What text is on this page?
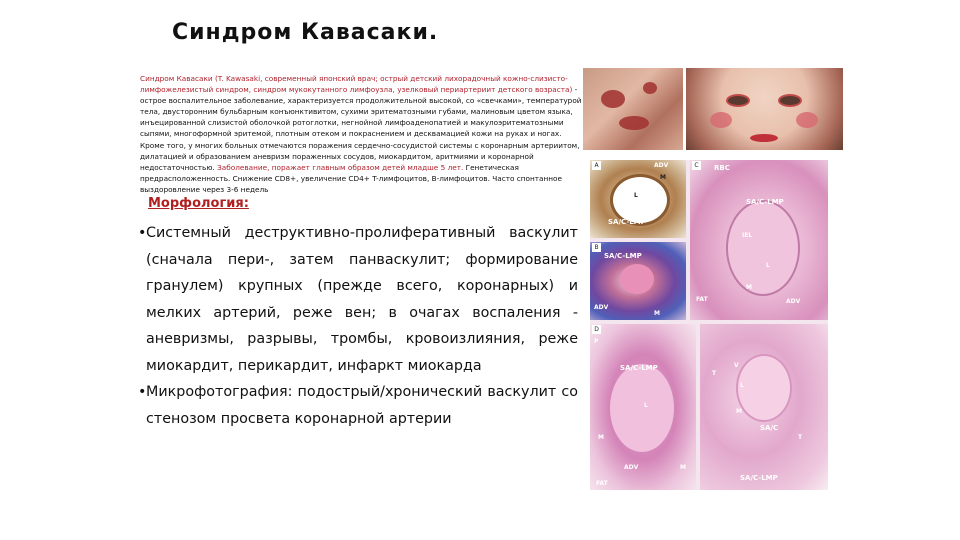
Синдром Кавасаки.
Синдром Кавасаки (T. Kawasaki, современный японский врач; острый детский лихорадочный кожно-слизисто-лимфожелезистый синдром, синдром мукокутанного лимфоузла, узелковый периартериит детского возраста) - острое воспалительное заболевание, характеризуется продолжительной высокой, со «свечками», температурой тела, двусторонним бульбарным конъюнктивитом, сухими эритематозными губами, малиновым цветом языка, инъецированной слизистой оболочкой ротоглотки, негнойной лимфоаденопатией и макулоэритематозными сыпями, многоформной эритемой, плотным отеком и покраснением и десквамацией кожи на руках и ногах. Кроме того, у многих больных отмечаются поражения сердечно-сосудистой системы с коронарным артериитом, дилатацией и образованием аневризм пораженных сосудов, миокардитом, аритмиями и коронарной недостаточностью. Заболевание, поражает главным образом детей младше 5 лет. Генетическая предрасположенность. Снижение CD8+, увеличение CD4+ T-лимфоцитов, B-лимфоцитов. Часто спонтанное выздоровление через 3-6 недель
Морфология:
• Системный деструктивно-пролиферативный васкулит (сначала пери-, затем панваскулит; формирование гранулем) крупных (прежде всего, коронарных) и мелких артерий, реже вен; в очагах воспаления - аневризмы, разрывы, тромбы, кровоизлияния, реже миокардит, перикардит, инфаркт миокарда
• Микрофотография: подострый/хронический васкулит со стенозом просвета коронарной артерии
A	ADV
M
L
SA/C-LMP
B
SA/C-LMP
ADV
M
C	RBC
SA/C-LMP
IEL
L
M
FAT	ADV
D
P
SA/C-LMP
L
M
ADV
FAT
M
T
V
L
M
SA/C
T
SA/C-LMP
